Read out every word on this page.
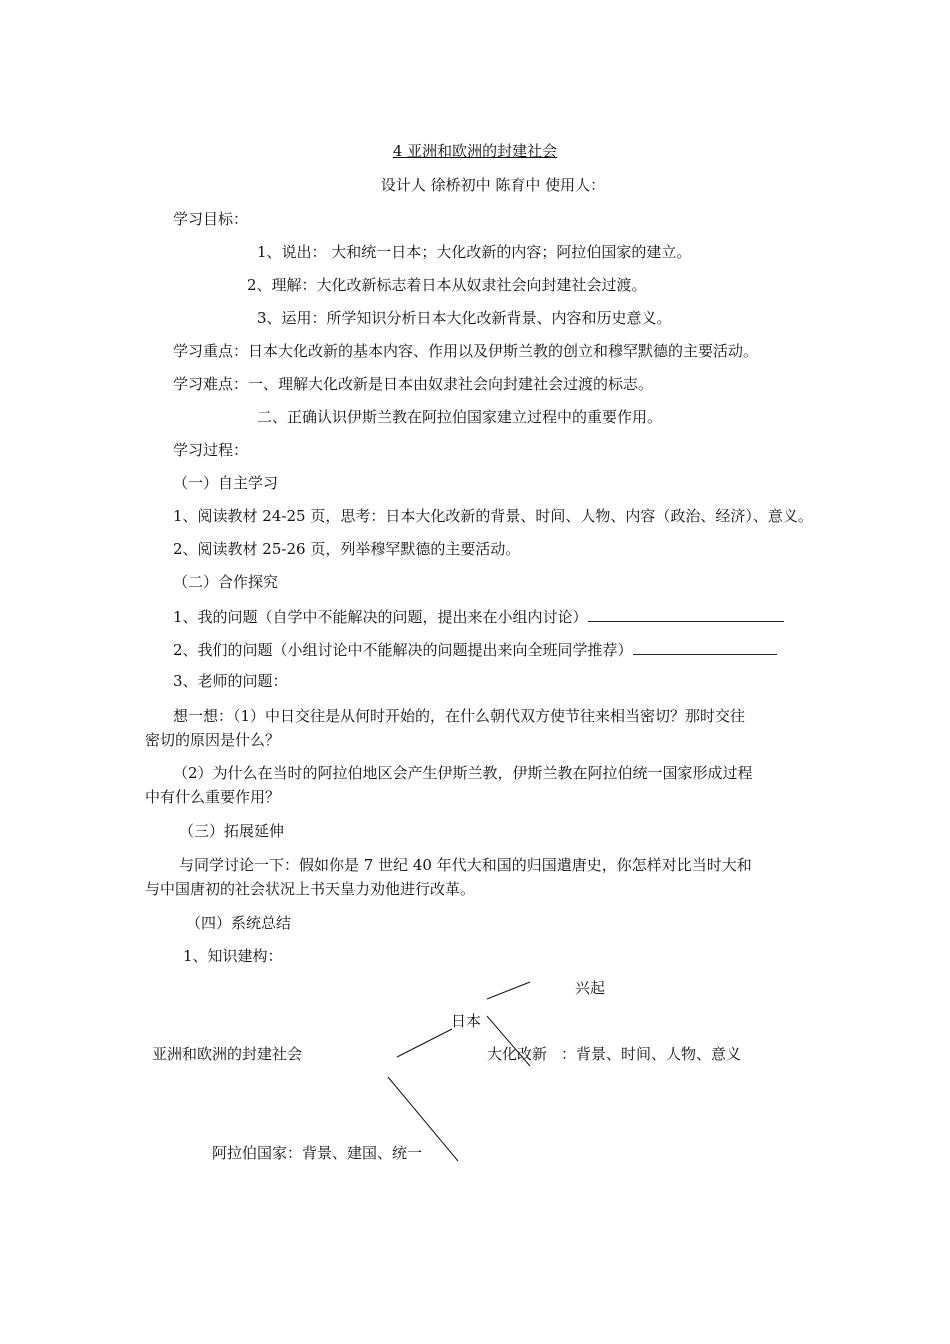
4 亚洲和欧洲的封建社会
设计人 徐桥初中 陈育中 使用人：
学习目标：
1、说出： 大和统一日本；大化改新的内容；阿拉伯国家的建立。
2、理解：大化改新标志着日本从奴隶社会向封建社会过渡。
3、运用：所学知识分析日本大化改新背景、内容和历史意义。
学习重点：日本大化改新的基本内容、作用以及伊斯兰教的创立和穆罕默德的主要活动。
学习难点：一、理解大化改新是日本由奴隶社会向封建社会过渡的标志。
二、正确认识伊斯兰教在阿拉伯国家建立过程中的重要作用。
学习过程：
（一）自主学习
1、阅读教材 24-25 页，思考：日本大化改新的背景、时间、人物、内容（政治、经济）、意义。
2、阅读教材 25-26 页，列举穆罕默德的主要活动。
（二）合作探究
1、我的问题（自学中不能解决的问题，提出来在小组内讨论）
2、我们的问题（小组讨论中不能解决的问题提出来向全班同学推荐）
3、老师的问题：
想一想：（1）中日交往是从何时开始的，在什么朝代双方使节往来相当密切？那时交往
密切的原因是什么？
（2）为什么在当时的阿拉伯地区会产生伊斯兰教，伊斯兰教在阿拉伯统一国家形成过程
中有什么重要作用？
（三）拓展延伸
与同学讨论一下：假如你是 7 世纪 40 年代大和国的归国遣唐史，你怎样对比当时大和
与中国唐初的社会状况上书天皇力劝他进行改革。
（四）系统总结
1、知识建构：
兴起
日本
亚洲和欧洲的封建社会	大化改新 ：背景、时间、人物、意义
阿拉伯国家：背景、建国、统一
